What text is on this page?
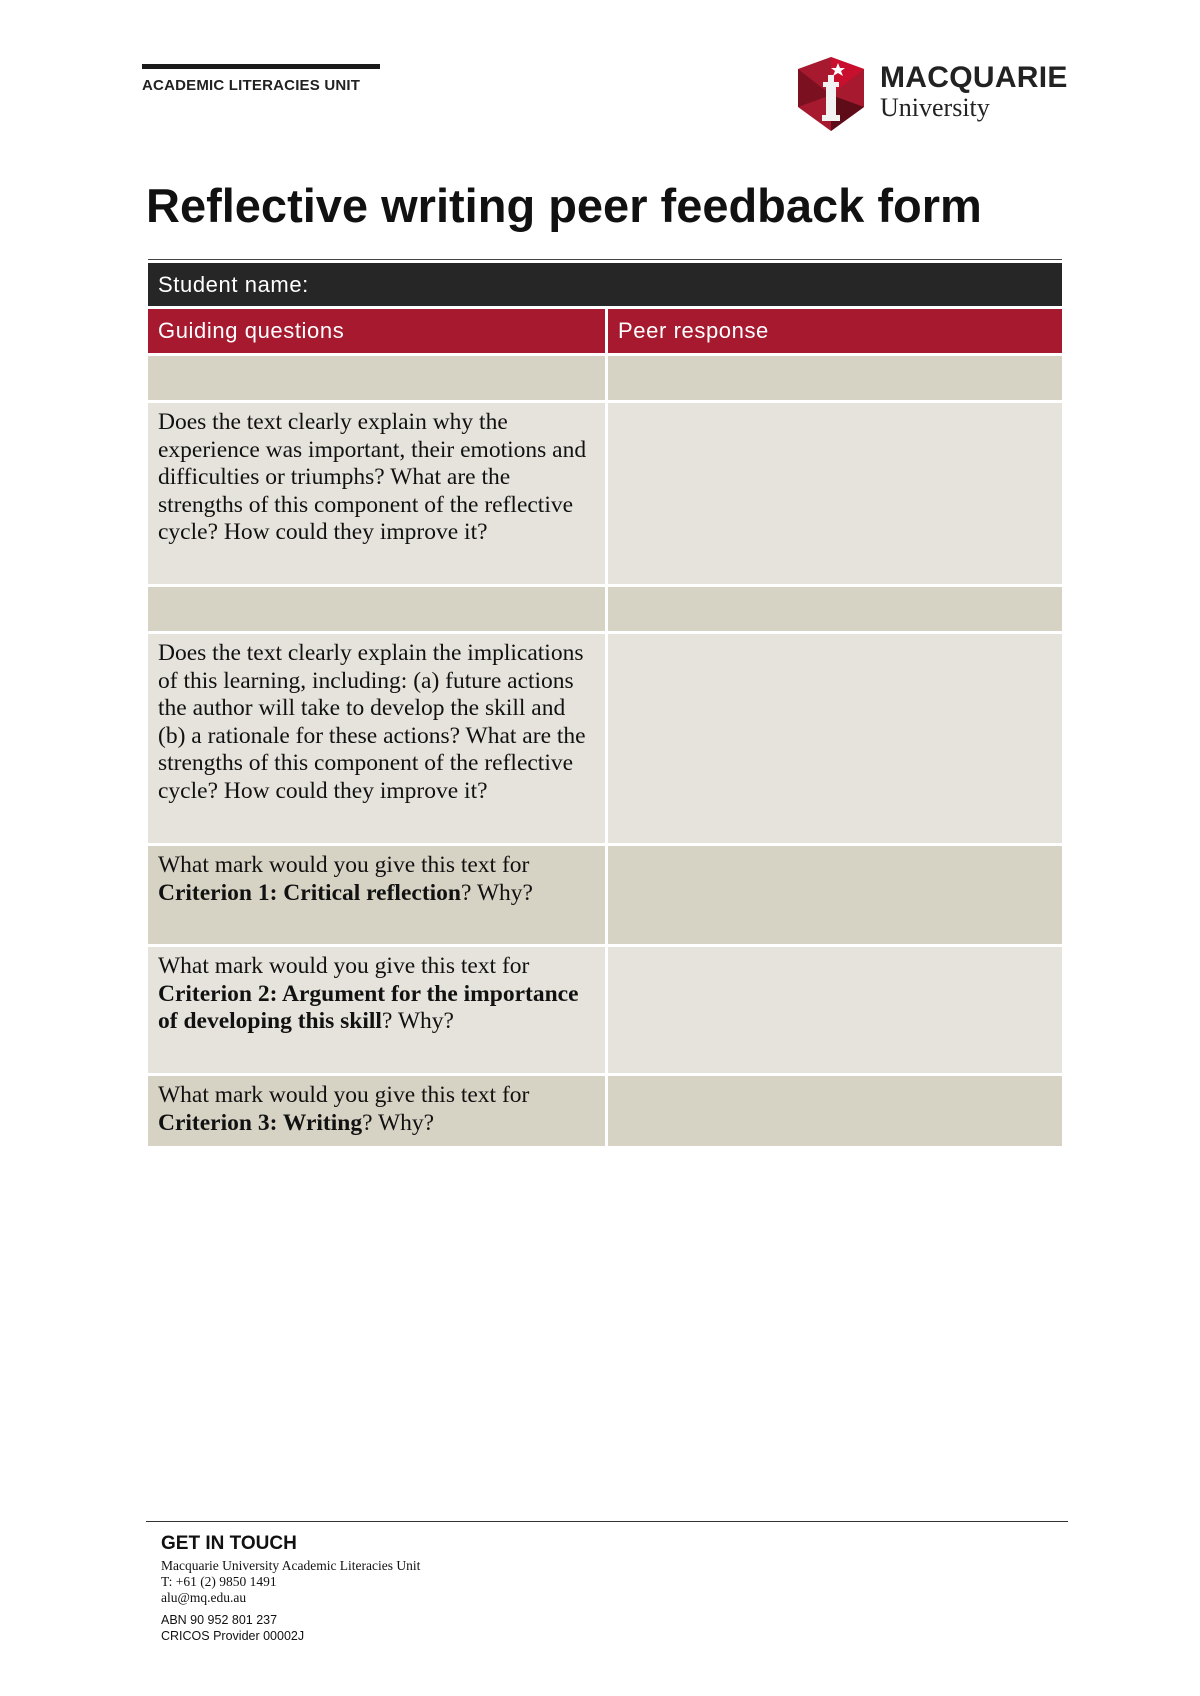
ACADEMIC LITERACIES UNIT	MACQUARIE
University
Reflective writing peer feedback form
Student name:
Guiding questions	Peer response
Does the text clearly explain why the experience was important, their emotions and difficulties or triumphs? What are the strengths of this component of the reflective cycle? How could they improve it?
Does the text clearly explain the implications of this learning, including: (a) future actions the author will take to develop the skill and (b) a rationale for these actions? What are the strengths of this component of the reflective cycle? How could they improve it?
What mark would you give this text for Criterion 1: Critical reflection? Why?
What mark would you give this text for Criterion 2: Argument for the importance of developing this skill? Why?
What mark would you give this text for Criterion 3: Writing? Why?
GET IN TOUCH
Macquarie University Academic Literacies Unit
T: +61 (2) 9850 1491
alu@mq.edu.au
ABN 90 952 801 237
CRICOS Provider 00002J
